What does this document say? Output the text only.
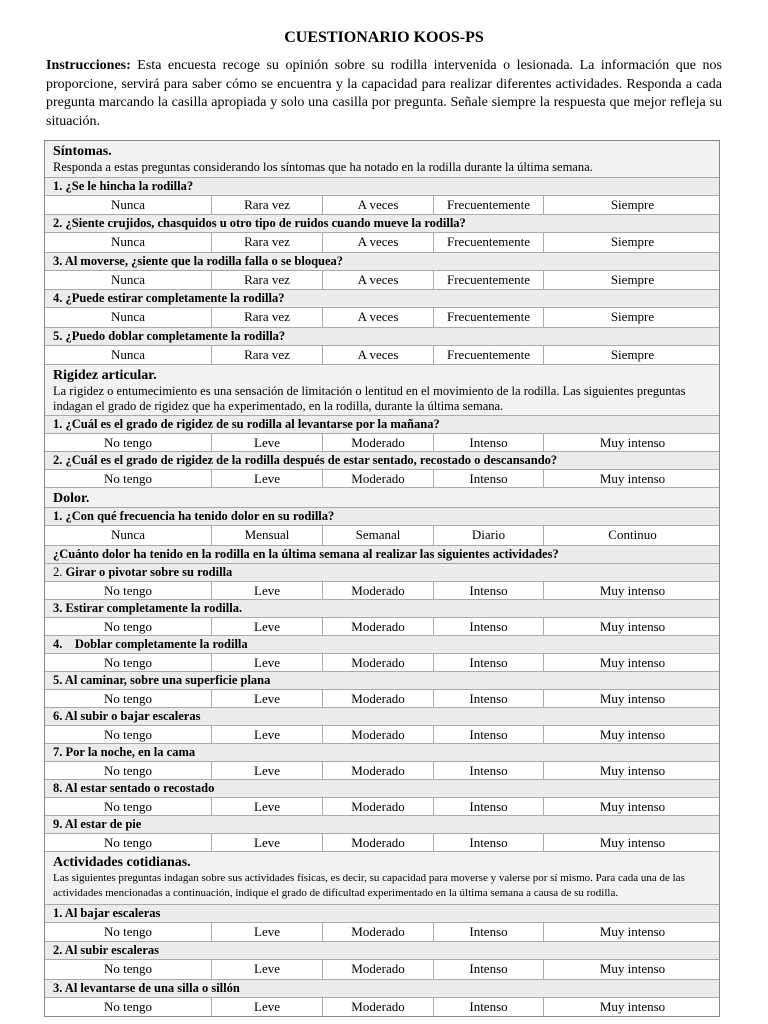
CUESTIONARIO KOOS-PS
Instrucciones: Esta encuesta recoge su opinión sobre su rodilla intervenida o lesionada. La información que nos proporcione, servirá para saber cómo se encuentra y la capacidad para realizar diferentes actividades. Responda a cada pregunta marcando la casilla apropiada y solo una casilla por pregunta. Señale siempre la respuesta que mejor refleja su situación.
Síntomas.
Responda a estas preguntas considerando los síntomas que ha notado en la rodilla durante la última semana.
1. ¿Se le hincha la rodilla?
Nunca	Rara vez	A veces	Frecuentemente	Siempre
2. ¿Siente crujidos, chasquidos u otro tipo de ruidos cuando mueve la rodilla?
Nunca	Rara vez	A veces	Frecuentemente	Siempre
3. Al moverse, ¿siente que la rodilla falla o se bloquea?
Nunca	Rara vez	A veces	Frecuentemente	Siempre
4. ¿Puede estirar completamente la rodilla?
Nunca	Rara vez	A veces	Frecuentemente	Siempre
5. ¿Puedo doblar completamente la rodilla?
Nunca	Rara vez	A veces	Frecuentemente	Siempre
Rigidez articular.
La rigidez o entumecimiento es una sensación de limitación o lentitud en el movimiento de la rodilla. Las siguientes preguntas indagan el grado de rigidez que ha experimentado, en la rodilla, durante la última semana.
1. ¿Cuál es el grado de rigidez de su rodilla al levantarse por la mañana?
No tengo	Leve	Moderado	Intenso	Muy intenso
2. ¿Cuál es el grado de rigidez de la rodilla después de estar sentado, recostado o descansando?
No tengo	Leve	Moderado	Intenso	Muy intenso
Dolor.
1. ¿Con qué frecuencia ha tenido dolor en su rodilla?
Nunca	Mensual	Semanal	Diario	Continuo
¿Cuánto dolor ha tenido en la rodilla en la última semana al realizar las siguientes actividades?
2. Girar o pivotar sobre su rodilla
No tengo	Leve	Moderado	Intenso	Muy intenso
3. Estirar completamente la rodilla.
No tengo	Leve	Moderado	Intenso	Muy intenso
4.    Doblar completamente la rodilla
No tengo	Leve	Moderado	Intenso	Muy intenso
5. Al caminar, sobre una superficie plana
No tengo	Leve	Moderado	Intenso	Muy intenso
6. Al subir o bajar escaleras
No tengo	Leve	Moderado	Intenso	Muy intenso
7. Por la noche, en la cama
No tengo	Leve	Moderado	Intenso	Muy intenso
8. Al estar sentado o recostado
No tengo	Leve	Moderado	Intenso	Muy intenso
9. Al estar de pie
No tengo	Leve	Moderado	Intenso	Muy intenso
Actividades cotidianas.
Las siguientes preguntas indagan sobre sus actividades físicas, es decir, su capacidad para moverse y valerse por sí mismo. Para cada una de las actividades mencionadas a continuación, indique el grado de dificultad experimentado en la última semana a causa de su rodilla.
1. Al bajar escaleras
No tengo	Leve	Moderado	Intenso	Muy intenso
2. Al subir escaleras
No tengo	Leve	Moderado	Intenso	Muy intenso
3. Al levantarse de una silla o sillón
No tengo	Leve	Moderado	Intenso	Muy intenso
